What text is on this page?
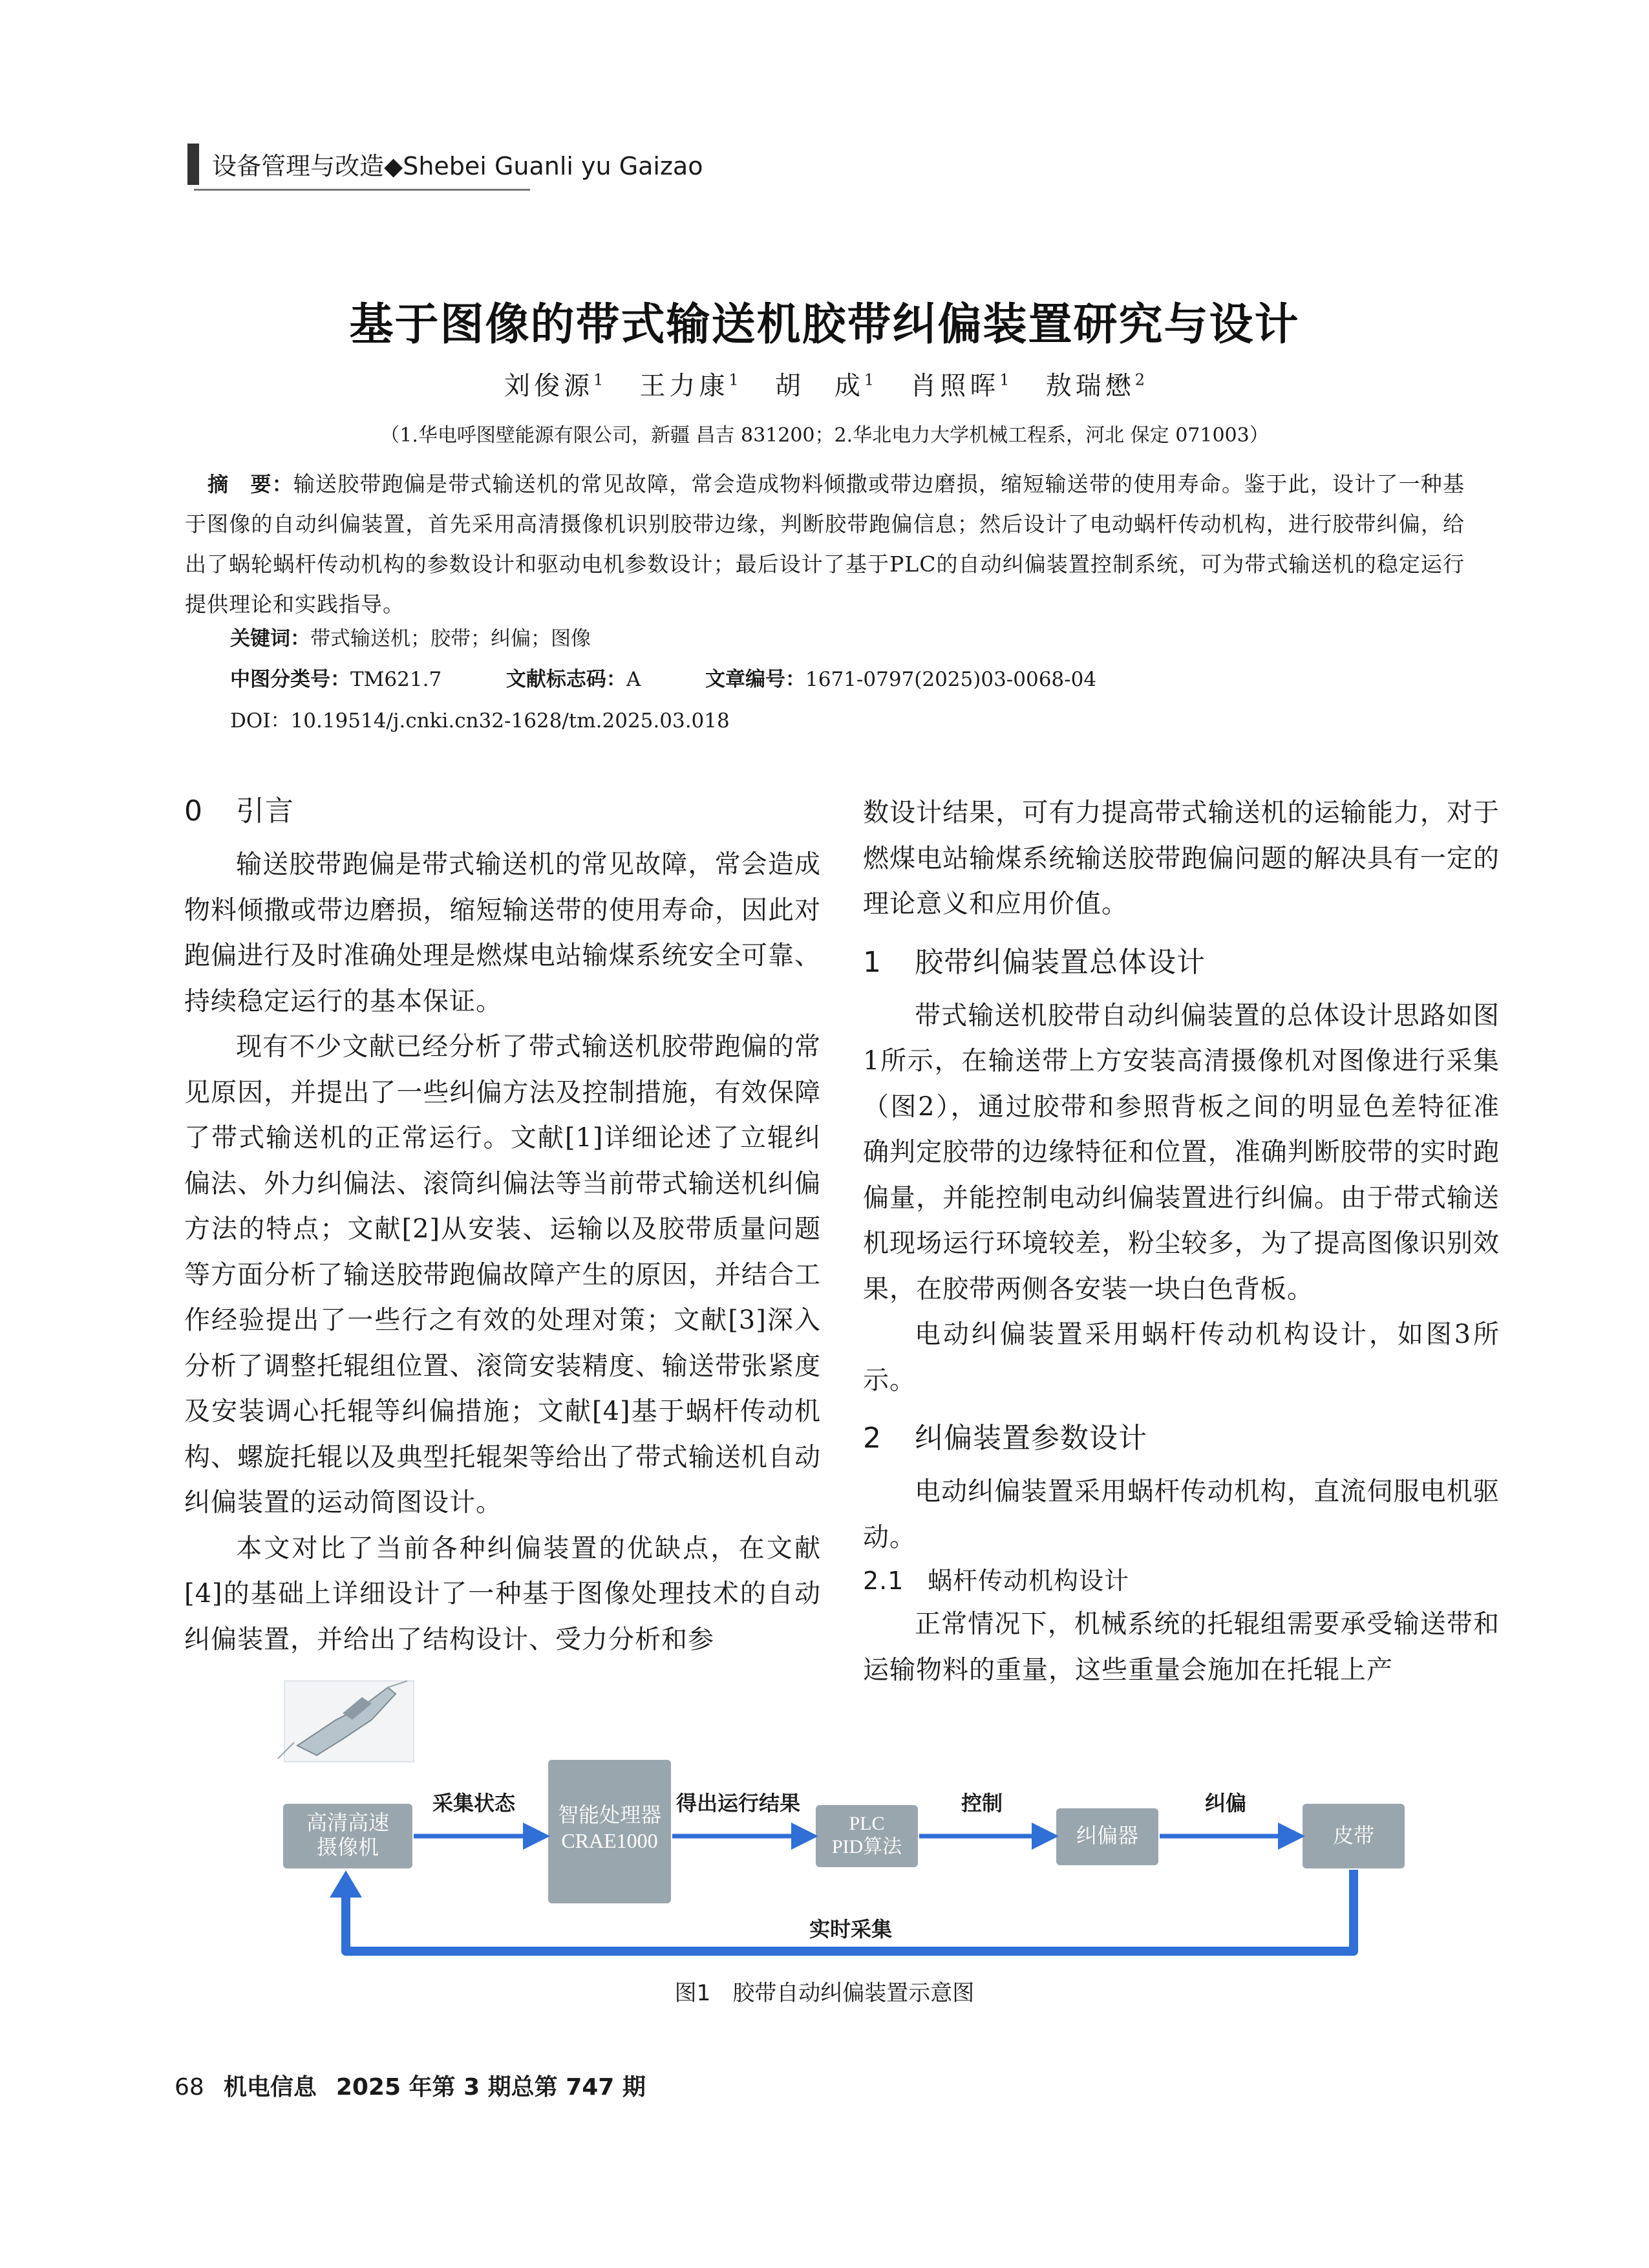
设备管理与改造◆Shebei Guanli yu Gaizao
基于图像的带式输送机胶带纠偏装置研究与设计
刘俊源$^1$ 王力康$^1$ 胡　成$^1$ 肖照晖$^1$ 敖瑞懋$^2$
（1.华电呼图壁能源有限公司，新疆 昌吉 831200；2.华北电力大学机械工程系，河北 保定 071003）
摘　要：输送胶带跑偏是带式输送机的常见故障，常会造成物料倾撒或带边磨损，缩短输送带的使用寿命。鉴于此，设计了一种基于图像的自动纠偏装置，首先采用高清摄像机识别胶带边缘，判断胶带跑偏信息；然后设计了电动蜗杆传动机构，进行胶带纠偏，给出了蜗轮蜗杆传动机构的参数设计和驱动电机参数设计；最后设计了基于PLC的自动纠偏装置控制系统，可为带式输送机的稳定运行提供理论和实践指导。
关键词：带式输送机；胶带；纠偏；图像
中图分类号：TM621.7	文献标志码：A	文章编号：1671-0797(2025)03-0068-04
DOI：10.19514/j.cnki.cn32-1628/tm.2025.03.018
0 引言

输送胶带跑偏是带式输送机的常见故障，常会造成物料倾撒或带边磨损，缩短输送带的使用寿命，因此对跑偏进行及时准确处理是燃煤电站输煤系统安全可靠、持续稳定运行的基本保证。

现有不少文献已经分析了带式输送机胶带跑偏的常见原因，并提出了一些纠偏方法及控制措施，有效保障了带式输送机的正常运行。文献[1]详细论述了立辊纠偏法、外力纠偏法、滚筒纠偏法等当前带式输送机纠偏方法的特点；文献[2]从安装、运输以及胶带质量问题等方面分析了输送胶带跑偏故障产生的原因，并结合工作经验提出了一些行之有效的处理对策；文献[3]深入分析了调整托辊组位置、滚筒安装精度、输送带张紧度及安装调心托辊等纠偏措施；文献[4]基于蜗杆传动机构、螺旋托辊以及典型托辊架等给出了带式输送机自动纠偏装置的运动简图设计。

本文对比了当前各种纠偏装置的优缺点，在文献[4]的基础上详细设计了一种基于图像处理技术的自动纠偏装置，并给出了结构设计、受力分析和参

数设计结果，可有力提高带式输送机的运输能力，对于燃煤电站输煤系统输送胶带跑偏问题的解决具有一定的理论意义和应用价值。

1 胶带纠偏装置总体设计

带式输送机胶带自动纠偏装置的总体设计思路如图1所示，在输送带上方安装高清摄像机对图像进行采集（图2），通过胶带和参照背板之间的明显色差特征准确判定胶带的边缘特征和位置，准确判断胶带的实时跑偏量，并能控制电动纠偏装置进行纠偏。由于带式输送机现场运行环境较差，粉尘较多，为了提高图像识别效果，在胶带两侧各安装一块白色背板。

电动纠偏装置采用蜗杆传动机构设计，如图3所示。

2 纠偏装置参数设计

电动纠偏装置采用蜗杆传动机构，直流伺服电机驱动。

2.1 蜗杆传动机构设计

正常情况下，机械系统的托辊组需要承受输送带和运输物料的重量，这些重量会施加在托辊上产

高清高速
摄像机
智能处理器
CRAE1000
PLC
PID算法	纠偏器	皮带
采集状态	得出运行结果	控制	纠偏
实时采集
图1　胶带自动纠偏装置示意图
68 机电信息 2025 年第 3 期总第 747 期
